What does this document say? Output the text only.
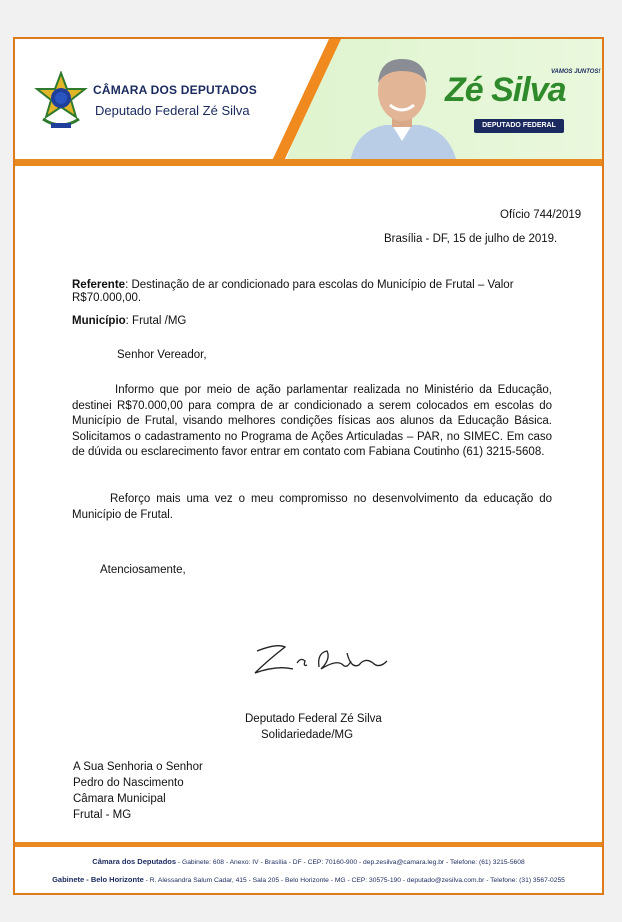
CÂMARA DOS DEPUTADOS
Deputado Federal Zé Silva
Zé Silva
VAMOS JUNTOS!
DEPUTADO FEDERAL
Ofício 744/2019
Brasília - DF, 15 de julho de 2019.
Referente: Destinação de ar condicionado para escolas do Município de Frutal – Valor
R$70.000,00.
Município: Frutal /MG
Senhor Vereador,
Informo que por meio de ação parlamentar realizada no Ministério da Educação, destinei R$70.000,00 para compra de ar condicionado a serem colocados em escolas do Município de Frutal, visando melhores condições físicas aos alunos da Educação Básica. Solicitamos o cadastramento no Programa de Ações Articuladas – PAR, no SIMEC. Em caso de dúvida ou esclarecimento favor entrar em contato com Fabiana Coutinho (61) 3215-5608.
Reforço mais uma vez o meu compromisso no desenvolvimento da educação do Município de Frutal.
Atenciosamente,
Deputado Federal Zé Silva
Solidariedade/MG
A Sua Senhoria o Senhor
Pedro do Nascimento
Câmara Municipal
Frutal - MG
Câmara dos Deputados - Gabinete: 608 - Anexo: IV - Brasília - DF - CEP: 70160-900 - dep.zesilva@camara.leg.br - Telefone: (61) 3215-5608
Gabinete - Belo Horizonte - R. Alessandra Salum Cadar, 415 - Sala 205 - Belo Horizonte - MG - CEP: 30575-190 - deputado@zesilva.com.br - Telefone: (31) 3567-0255
